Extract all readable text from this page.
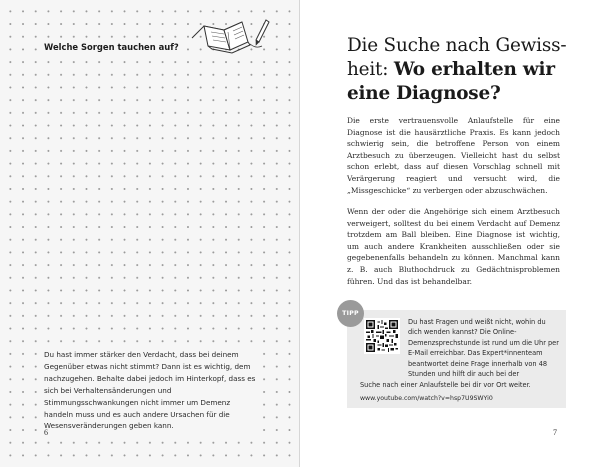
Welche Sorgen tauchen auf?

Du hast immer stärker den Verdacht, dass bei deinem Gegenüber etwas nicht stimmt? Dann ist es wichtig, dem nachzugehen. Behalte dabei jedoch im Hinterkopf, dass es sich bei Verhaltensänderungen und Stimmungsschwankungen nicht immer um Demenz handeln muss und es auch andere Ursachen für die Wesensveränderungen geben kann.

6

Die Suche nach Gewissheit: Wo erhalten wir eine Diagnose?

Die erste vertrauensvolle Anlaufstelle für eine Diagnose ist die hausärztliche Praxis. Es kann jedoch schwierig sein, die betroffene Person von einem Arztbesuch zu überzeugen. Vielleicht hast du selbst schon erlebt, dass auf diesen Vorschlag schnell mit Verärgerung reagiert und versucht wird, die „Missgeschicke“ zu verbergen oder abzuschwächen.

Wenn der oder die Angehörige sich einem Arztbesuch verweigert, solltest du bei einem Verdacht auf Demenz trotzdem am Ball bleiben. Eine Diagnose ist wichtig, um auch andere Krankheiten ausschließen oder sie gegebenenfalls behandeln zu können. Manchmal kann z. B. auch Bluthochdruck zu Gedächtnisproblemen führen. Und das ist behandelbar.

TIPP

Du hast Fragen und weißt nicht, wohin du dich wenden kannst? Die Online-Demenzsprechstunde ist rund um die Uhr per E-Mail erreichbar. Das Expert*innenteam beantwortet deine Frage innerhalb von 48 Stunden und hilft dir auch bei der

Suche nach einer Anlaufstelle bei dir vor Ort weiter.

www.youtube.com/watch?v=hsp7U9SWYi0

7
